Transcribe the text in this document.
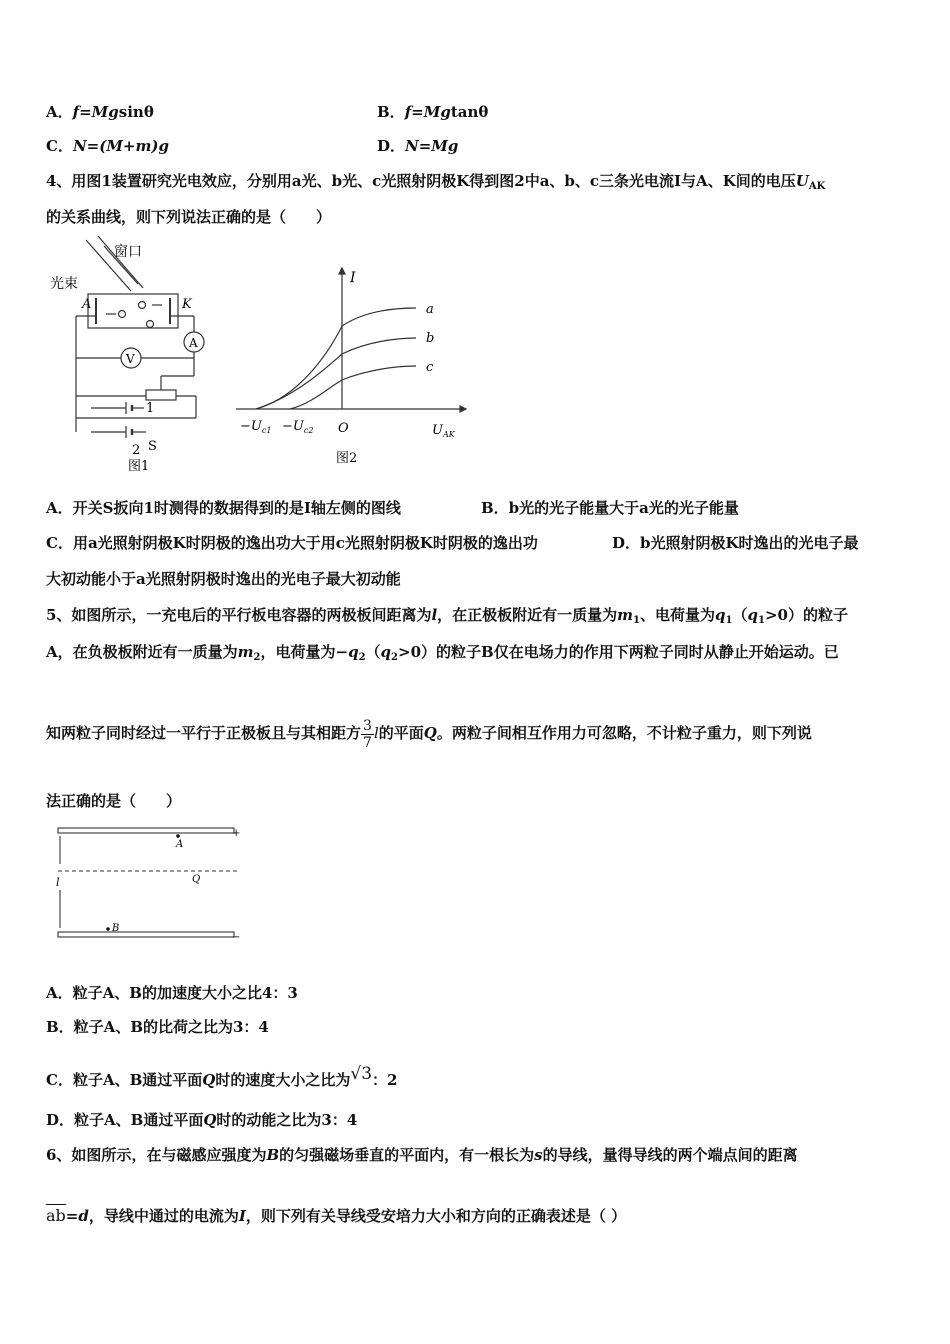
A．f=Mgsinθ	B．f=Mgtanθ
C．N=(M+m)g	D．N=Mg
4、用图1装置研究光电效应，分别用a光、b光、c光照射阴极K得到图2中a、b、c三条光电流I与A、K间的电压$U_{AK}$
的关系曲线，则下列说法正确的是（　　）
窗口
光束
A	K
A
V
1
S
2
图1
I
a
b
c
$-U_{c1} -U_{c2}$ O	$U_{AK}$
图2
A．开关S扳向1时测得的数据得到的是I轴左侧的图线	B．b光的光子能量大于a光的光子能量
C．用a光照射阴极K时阴极的逸出功大于用c光照射阴极K时阴极的逸出功	D．b光照射阴极K时逸出的光电子最
大初动能小于a光照射阴极时逸出的光电子最大初动能
5、如图所示，一充电后的平行板电容器的两极板间距离为l，在正极板附近有一质量为$m_1$、电荷量为$q_1(q_1>0)$的粒子
A，在负极板附近有一质量为$m_2$，电荷量为$-q_2(q_2>0)$的粒子B仅在电场力的作用下两粒子同时从静止开始运动。已
知两粒子同时经过一平行于正极板且与其相距方 $\frac{3}{7}$ l的平面Q。两粒子间相互作用力可忽略，不计粒子重力，则下列说
法正确的是（　　）
A
Q
B
l
+
−
A．粒子A、B的加速度大小之比4：3
B．粒子A、B的比荷之比为3：4
C．粒子A、B通过平面Q时的速度大小之比为√3：2
D．粒子A、B通过平面Q时的动能之比为3：4
6、如图所示，在与磁感应强度为B的匀强磁场垂直的平面内，有一根长为s的导线，量得导线的两个端点间的距离
ab=d，导线中通过的电流为I，则下列有关导线受安培力大小和方向的正确表述是（ ）
